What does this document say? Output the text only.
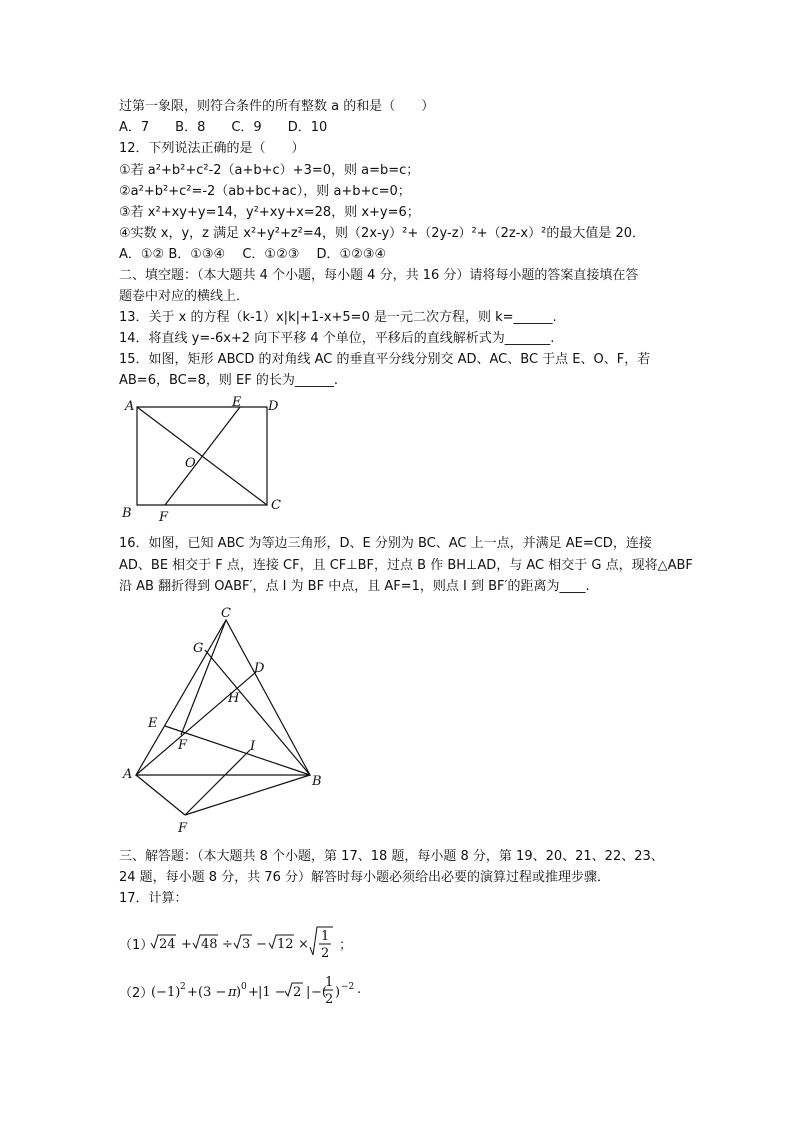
过第一象限，则符合条件的所有整数 a 的和是（　　）
A．7　　B．8　　C．9　　D．10
12．下列说法正确的是（　　）
①若 a²+b²+c²-2（a+b+c）+3=0，则 a=b=c；
②a²+b²+c²=-2（ab+bc+ac），则 a+b+c=0；
③若 x²+xy+y=14，y²+xy+x=28，则 x+y=6；
④实数 x，y，z 满足 x²+y²+z²=4，则（2x-y）²+（2y-z）²+（2z-x）²的最大值是 20．
A．①② B．①③④　 C．①②③　 D．①②③④
二、填空题：（本大题共 4 个小题，每小题 4 分，共 16 分）请将每小题的答案直接填在答
题卷中对应的横线上．
13．关于 x 的方程（k-1）x|k|+1-x+5=0 是一元二次方程，则 k=______.
14．将直线 y=-6x+2 向下平移 4 个单位，平移后的直线解析式为_______.
15．如图，矩形 ABCD 的对角线 AC 的垂直平分线分别交 AD、AC、BC 于点 E、O、F，若
AB=6，BC=8，则 EF 的长为______.
A	E D
O
B F
C
16．如图，已知 ABC 为等边三角形，D、E 分别为 BC、AC 上一点，并满足 AE=CD，连接
AD、BE 相交于 F 点，连接 CF，且 CF⊥BF，过点 B 作 BH⊥AD，与 AC 相交于 G 点，现将△ABF
沿 AB 翻折得到 OABF′，点 I 为 BF 中点，且 AF=1，则点 I 到 BF′的距离为____.
C
G
D
H
E
F	I
A	B
F
三、解答题：（本大题共 8 个小题，第 17、18 题，每小题 8 分，第 19、20、21、22、23、
24 题，每小题 8 分，共 76 分）解答时每小题必须给出必要的演算过程或推理步骤．
17．计算：
（1） 24 + 48 ÷ 3 − 12 ×
1
2
；
（2）
(−1) 2 + (3 − π ) 0 + |1 − 2 | −(
1
2 ) −2 .
